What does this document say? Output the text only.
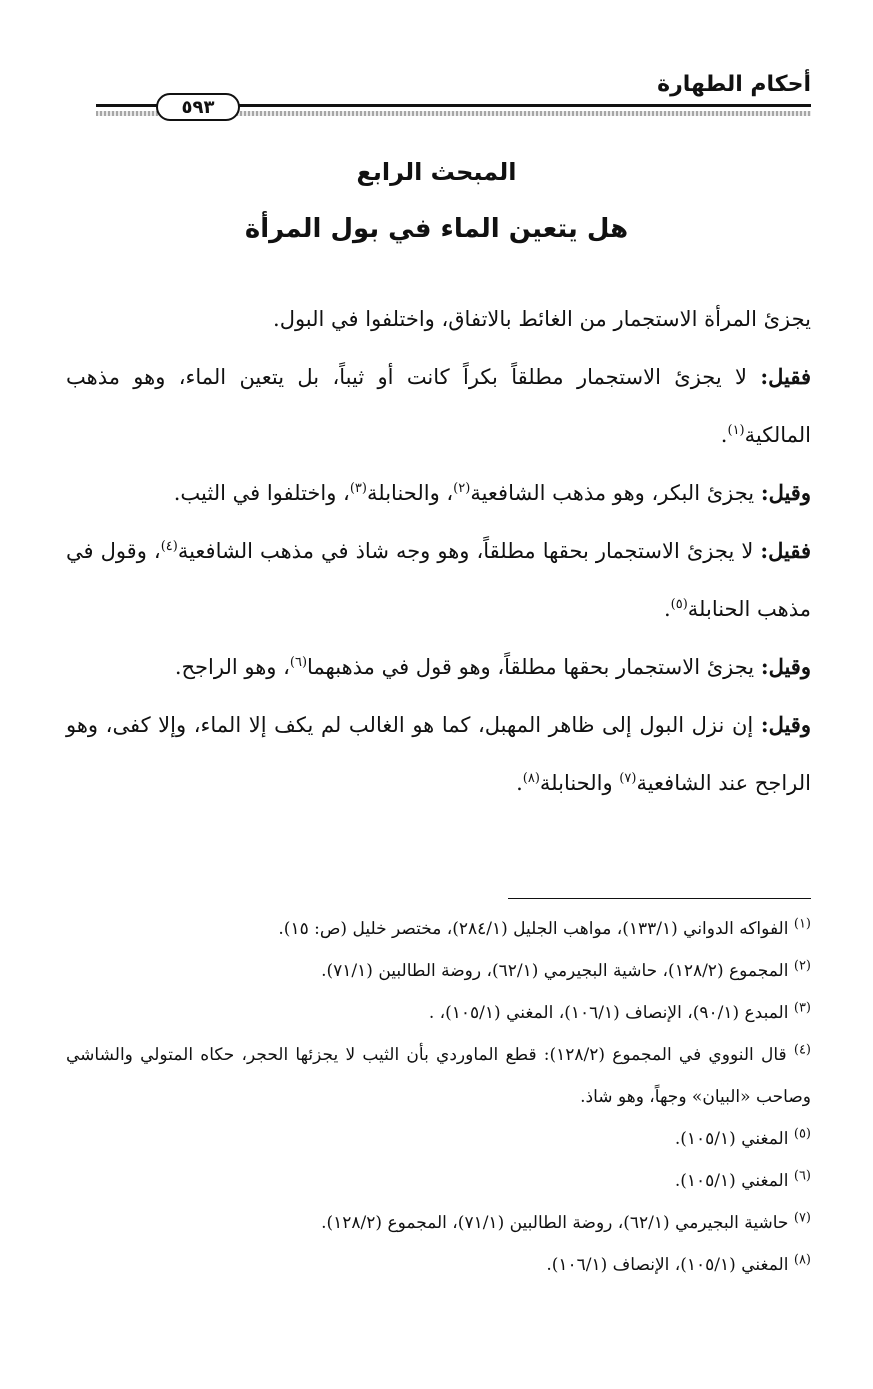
أحكام الطهارة
٥٩٣
المبحث الرابع
هل يتعين الماء في بول المرأة

يجزئ المرأة الاستجمار من الغائط بالاتفاق، واختلفوا في البول.

فقيل: لا يجزئ الاستجمار مطلقاً بكراً كانت أو ثيباً، بل يتعين الماء، وهو مذهب المالكية$^{(١)}$.

وقيل: يجزئ البكر، وهو مذهب الشافعية$^{(٢)}$، والحنابلة$^{(٣)}$، واختلفوا في الثيب.

فقيل: لا يجزئ الاستجمار بحقها مطلقاً، وهو وجه شاذ في مذهب الشافعية$^{(٤)}$، وقول في مذهب الحنابلة$^{(٥)}$.

وقيل: يجزئ الاستجمار بحقها مطلقاً، وهو قول في مذهبهما$^{(٦)}$، وهو الراجح.

وقيل: إن نزل البول إلى ظاهر المهبل، كما هو الغالب لم يكف إلا الماء، وإلا كفى، وهو الراجح عند الشافعية$^{(٧)}$ والحنابلة$^{(٨)}$.

$^{(١)}$ الفواكه الدواني (١٣٣/١)، مواهب الجليل (٢٨٤/١)، مختصر خليل (ص: ١٥).

$^{(٢)}$ المجموع (١٢٨/٢)، حاشية البجيرمي (٦٢/١)، روضة الطالبين (٧١/١).

$^{(٣)}$ المبدع (٩٠/١)، الإنصاف (١٠٦/١)، المغني (١٠٥/١)، .

$^{(٤)}$ قال النووي في المجموع (١٢٨/٢): قطع الماوردي بأن الثيب لا يجزئها الحجر، حكاه المتولي والشاشي وصاحب «البيان» وجهاً، وهو شاذ.

$^{(٥)}$ المغني (١٠٥/١).

$^{(٦)}$ المغني (١٠٥/١).

$^{(٧)}$ حاشية البجيرمي (٦٢/١)، روضة الطالبين (٧١/١)، المجموع (١٢٨/٢).

$^{(٨)}$ المغني (١٠٥/١)، الإنصاف (١٠٦/١).
